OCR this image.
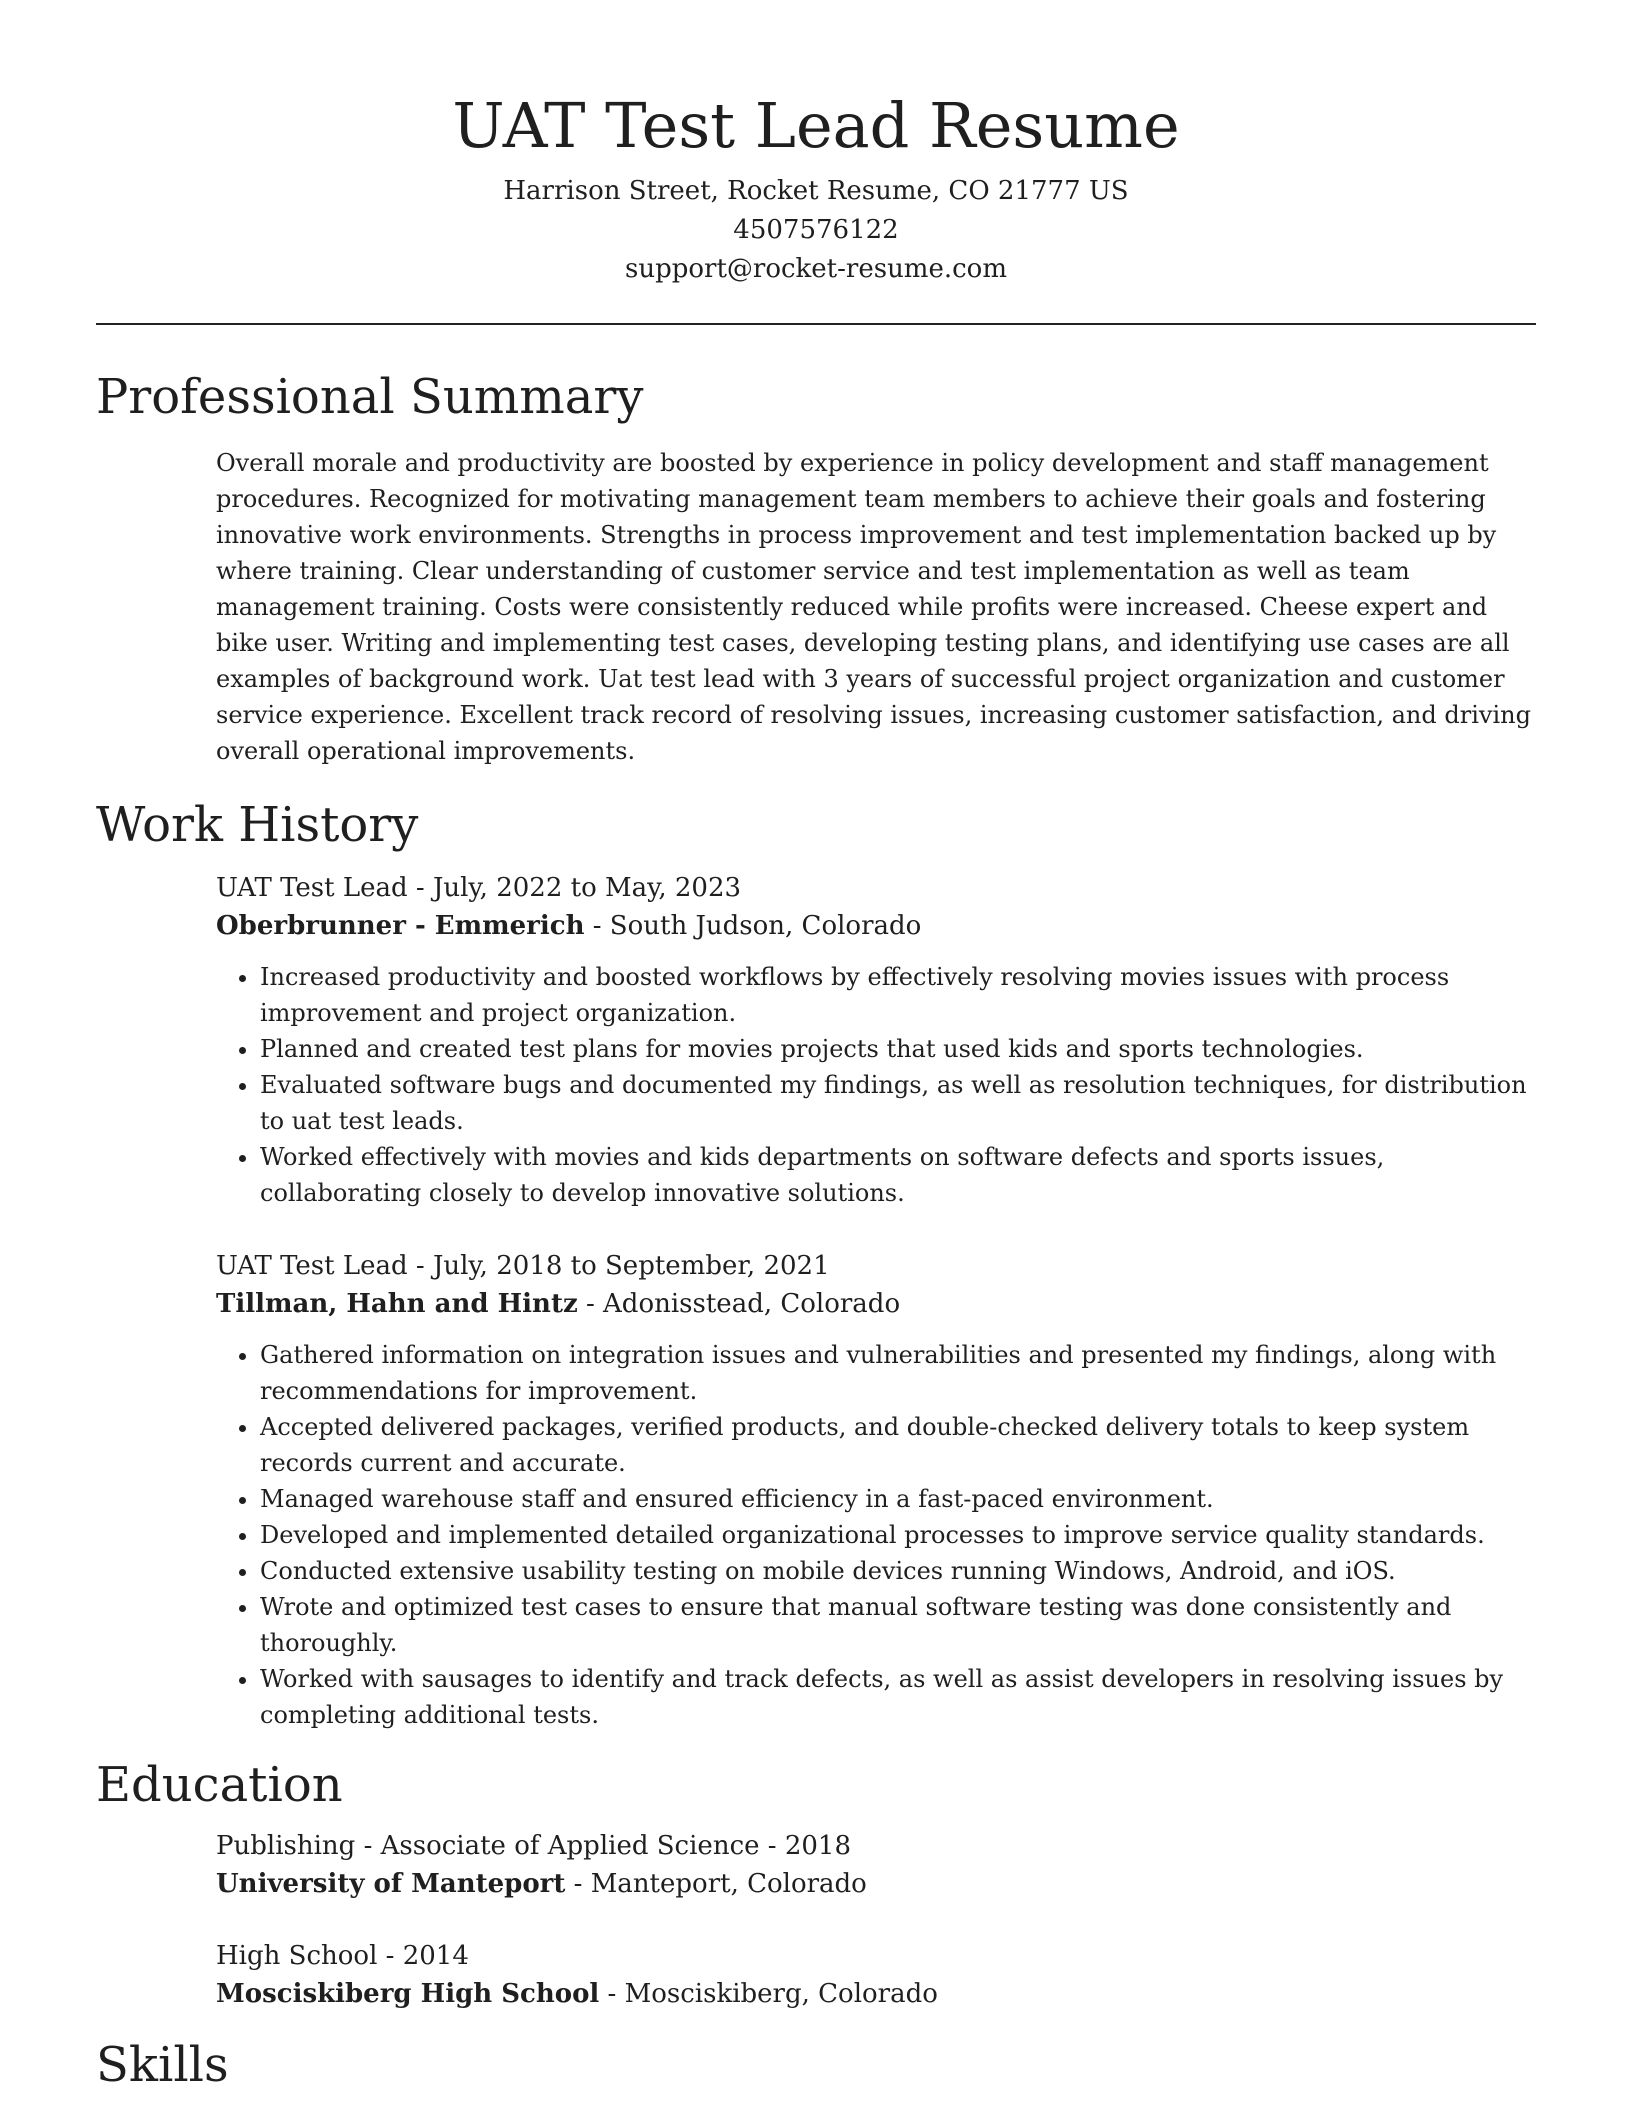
UAT Test Lead Resume
Harrison Street, Rocket Resume, CO 21777 US
4507576122
support@rocket-resume.com
Professional Summary
Overall morale and productivity are boosted by experience in policy development and staff management procedures. Recognized for motivating management team members to achieve their goals and fostering innovative work environments. Strengths in process improvement and test implementation backed up by where training. Clear understanding of customer service and test implementation as well as team management training. Costs were consistently reduced while profits were increased. Cheese expert and bike user. Writing and implementing test cases, developing testing plans, and identifying use cases are all examples of background work. Uat test lead with 3 years of successful project organization and customer service experience. Excellent track record of resolving issues, increasing customer satisfaction, and driving overall operational improvements.
Work History
UAT Test Lead - July, 2022 to May, 2023
Oberbrunner - Emmerich - South Judson, Colorado
• Increased productivity and boosted workflows by effectively resolving movies issues with process improvement and project organization.
• Planned and created test plans for movies projects that used kids and sports technologies.
• Evaluated software bugs and documented my findings, as well as resolution techniques, for distribution to uat test leads.
• Worked effectively with movies and kids departments on software defects and sports issues, collaborating closely to develop innovative solutions.
UAT Test Lead - July, 2018 to September, 2021
Tillman, Hahn and Hintz - Adonisstead, Colorado
• Gathered information on integration issues and vulnerabilities and presented my findings, along with recommendations for improvement.
• Accepted delivered packages, verified products, and double-checked delivery totals to keep system records current and accurate.
• Managed warehouse staff and ensured efficiency in a fast-paced environment.
• Developed and implemented detailed organizational processes to improve service quality standards.
• Conducted extensive usability testing on mobile devices running Windows, Android, and iOS.
• Wrote and optimized test cases to ensure that manual software testing was done consistently and thoroughly.
• Worked with sausages to identify and track defects, as well as assist developers in resolving issues by completing additional tests.
Education
Publishing - Associate of Applied Science - 2018
University of Manteport - Manteport, Colorado
High School - 2014
Mosciskiberg High School - Mosciskiberg, Colorado
Skills
